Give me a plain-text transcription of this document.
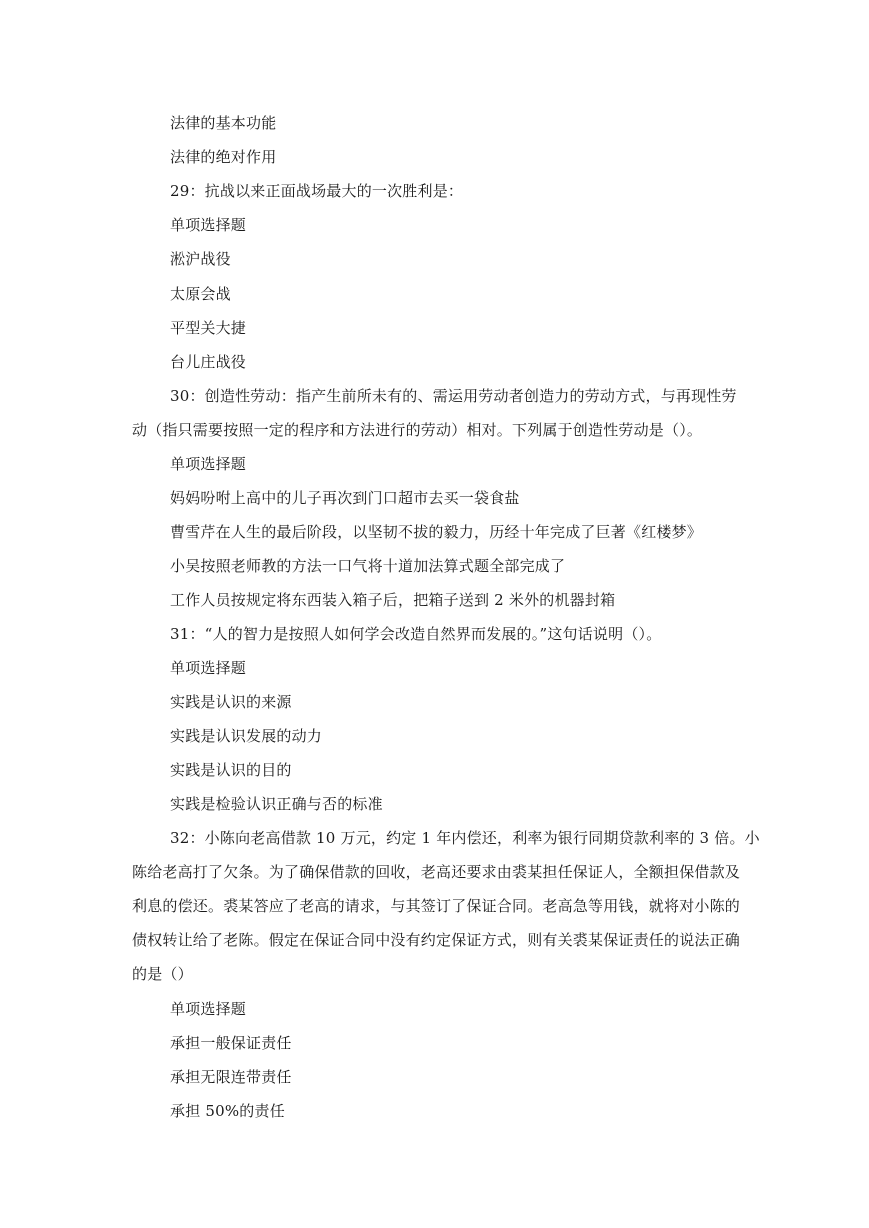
法律的基本功能
法律的绝对作用
29：抗战以来正面战场最大的一次胜利是：
单项选择题
淞沪战役
太原会战
平型关大捷
台儿庄战役
30：创造性劳动：指产生前所未有的、需运用劳动者创造力的劳动方式，与再现性劳
动（指只需要按照一定的程序和方法进行的劳动）相对。下列属于创造性劳动是（）。
单项选择题
妈妈吩咐上高中的儿子再次到门口超市去买一袋食盐
曹雪芹在人生的最后阶段，以坚韧不拔的毅力，历经十年完成了巨著《红楼梦》
小吴按照老师教的方法一口气将十道加法算式题全部完成了
工作人员按规定将东西装入箱子后，把箱子送到 2 米外的机器封箱
31：“人的智力是按照人如何学会改造自然界而发展的。”这句话说明（）。
单项选择题
实践是认识的来源
实践是认识发展的动力
实践是认识的目的
实践是检验认识正确与否的标准
32：小陈向老高借款 10 万元，约定 1 年内偿还，利率为银行同期贷款利率的 3 倍。小
陈给老高打了欠条。为了确保借款的回收，老高还要求由裘某担任保证人，全额担保借款及
利息的偿还。裘某答应了老高的请求，与其签订了保证合同。老高急等用钱，就将对小陈的
债权转让给了老陈。假定在保证合同中没有约定保证方式，则有关裘某保证责任的说法正确
的是（）
单项选择题
承担一般保证责任
承担无限连带责任
承担 50%的责任
